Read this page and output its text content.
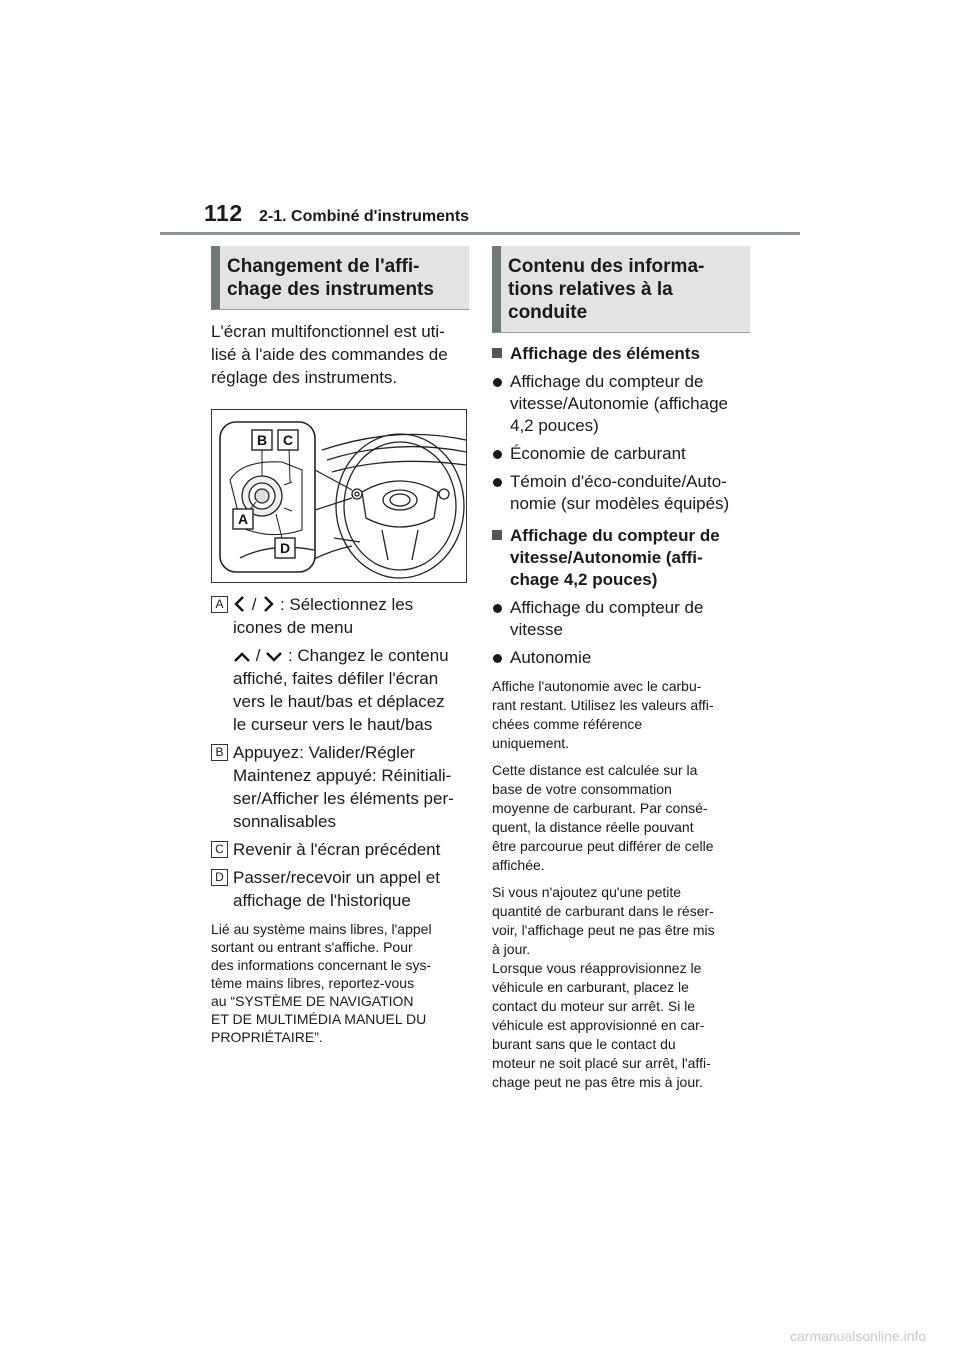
112 2-1. Combiné d'instruments
Changement de l'affi-
chage des instruments
L'écran multifonctionnel est uti-
lisé à l'aide des commandes de
réglage des instruments.
B C
A
D
A	/ : Sélectionnez les
icones de menu
/ : Changez le contenu
affiché, faites défiler l'écran
vers le haut/bas et déplacez
le curseur vers le haut/bas
B Appuyez: Valider/Régler
Maintenez appuyé: Réinitiali-
ser/Afficher les éléments per-
sonnalisables
C Revenir à l'écran précédent
D Passer/recevoir un appel et
affichage de l'historique
Lié au système mains libres, l'appel
sortant ou entrant s'affiche. Pour
des informations concernant le sys-
tème mains libres, reportez-vous
au “SYSTÈME DE NAVIGATION
ET DE MULTIMÉDIA MANUEL DU
PROPRIÉTAIRE”.
Contenu des informa-
tions relatives à la
conduite
Affichage des éléments
Affichage du compteur de
vitesse/Autonomie (affichage
4,2 pouces)
Économie de carburant
Témoin d'éco-conduite/Auto-
nomie (sur modèles équipés)
Affichage du compteur de
vitesse/Autonomie (affi-
chage 4,2 pouces)
Affichage du compteur de
vitesse
Autonomie

Affiche l'autonomie avec le carbu-
rant restant. Utilisez les valeurs affi-
chées comme référence
uniquement.

Cette distance est calculée sur la
base de votre consommation
moyenne de carburant. Par consé-
quent, la distance réelle pouvant
être parcourue peut différer de celle
affichée.

Si vous n'ajoutez qu'une petite
quantité de carburant dans le réser-
voir, l'affichage peut ne pas être mis
à jour.
Lorsque vous réapprovisionnez le
véhicule en carburant, placez le
contact du moteur sur arrêt. Si le
véhicule est approvisionné en car-
burant sans que le contact du
moteur ne soit placé sur arrêt, l'affi-
chage peut ne pas être mis à jour.

carmanualsonline.info
